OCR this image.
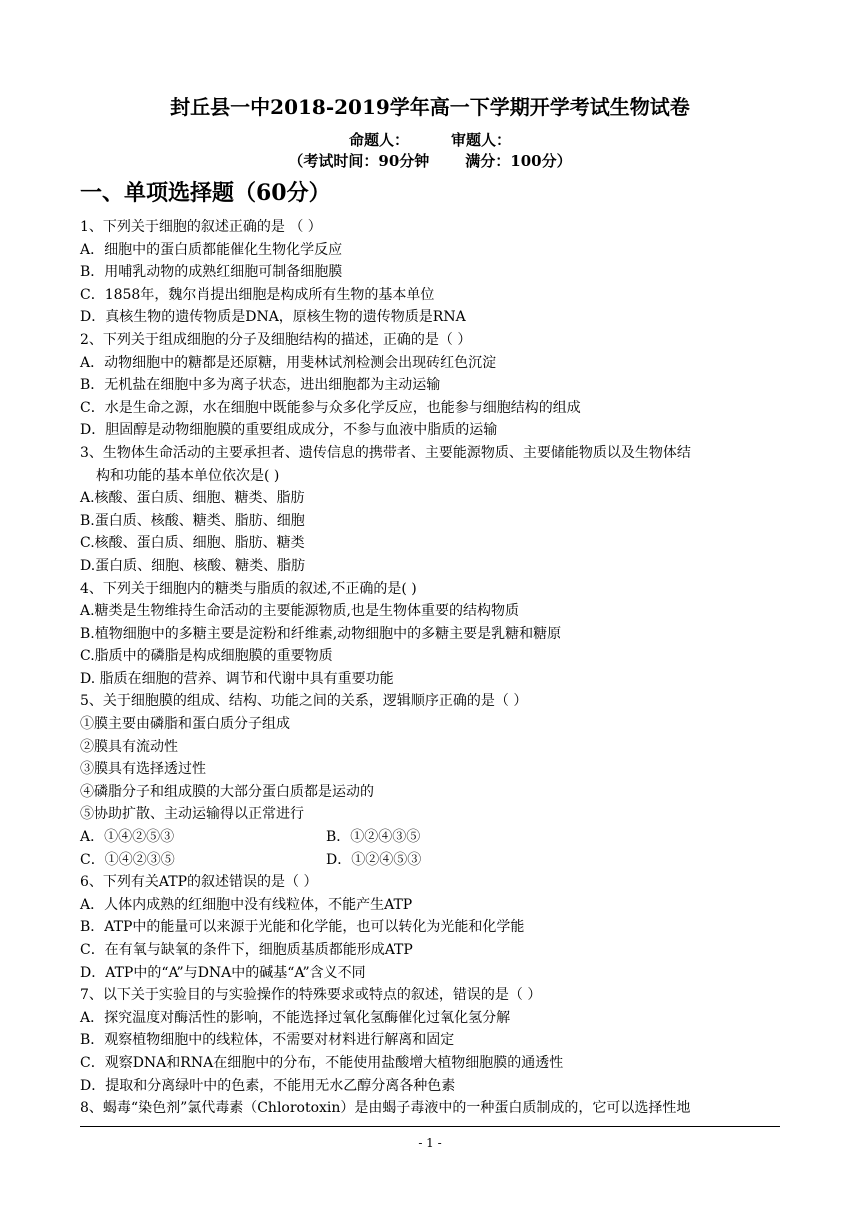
封丘县一中2018-2019学年高一下学期开学考试生物试卷
命题人：	审题人：
（考试时间：90分钟 满分：100分）
一、单项选择题（60分）
1、下列关于细胞的叙述正确的是 （ ）
A．细胞中的蛋白质都能催化生物化学反应
B．用哺乳动物的成熟红细胞可制备细胞膜
C．1858年，魏尔肖提出细胞是构成所有生物的基本单位
D．真核生物的遗传物质是DNA，原核生物的遗传物质是RNA
2、下列关于组成细胞的分子及细胞结构的描述，正确的是（ ）
A．动物细胞中的糖都是还原糖，用斐林试剂检测会出现砖红色沉淀
B．无机盐在细胞中多为离子状态，进出细胞都为主动运输
C．水是生命之源，水在细胞中既能参与众多化学反应，也能参与细胞结构的组成
D．胆固醇是动物细胞膜的重要组成成分，不参与血液中脂质的运输
3、生物体生命活动的主要承担者、遗传信息的携带者、主要能源物质、主要储能物质以及生物体结
构和功能的基本单位依次是( )
A.核酸、蛋白质、细胞、糖类、脂肪
B.蛋白质、核酸、糖类、脂肪、细胞
C.核酸、蛋白质、细胞、脂肪、糖类
D.蛋白质、细胞、核酸、糖类、脂肪
4、下列关于细胞内的糖类与脂质的叙述,不正确的是( )
A.糖类是生物维持生命活动的主要能源物质,也是生物体重要的结构物质
B.植物细胞中的多糖主要是淀粉和纤维素,动物细胞中的多糖主要是乳糖和糖原
C.脂质中的磷脂是构成细胞膜的重要物质
D. 脂质在细胞的营养、调节和代谢中具有重要功能
5、关于细胞膜的组成、结构、功能之间的关系，逻辑顺序正确的是（ ）
①膜主要由磷脂和蛋白质分子组成
②膜具有流动性
③膜具有选择透过性
④磷脂分子和组成膜的大部分蛋白质都是运动的
⑤协助扩散、主动运输得以正常进行
A．①④②⑤③	B．①②④③⑤
C．①④②③⑤	D．①②④⑤③
6、下列有关ATP的叙述错误的是（ ）
A．人体内成熟的红细胞中没有线粒体，不能产生ATP
B．ATP中的能量可以来源于光能和化学能，也可以转化为光能和化学能
C．在有氧与缺氧的条件下，细胞质基质都能形成ATP
D．ATP中的“A”与DNA中的碱基“A”含义不同
7、以下关于实验目的与实验操作的特殊要求或特点的叙述，错误的是（ ）
A．探究温度对酶活性的影响，不能选择过氧化氢酶催化过氧化氢分解
B．观察植物细胞中的线粒体，不需要对材料进行解离和固定
C．观察DNA和RNA在细胞中的分布，不能使用盐酸增大植物细胞膜的通透性
D．提取和分离绿叶中的色素，不能用无水乙醇分离各种色素
8、蝎毒“染色剂”氯代毒素（Chlorotoxin）是由蝎子毒液中的一种蛋白质制成的，它可以选择性地
- 1 -
